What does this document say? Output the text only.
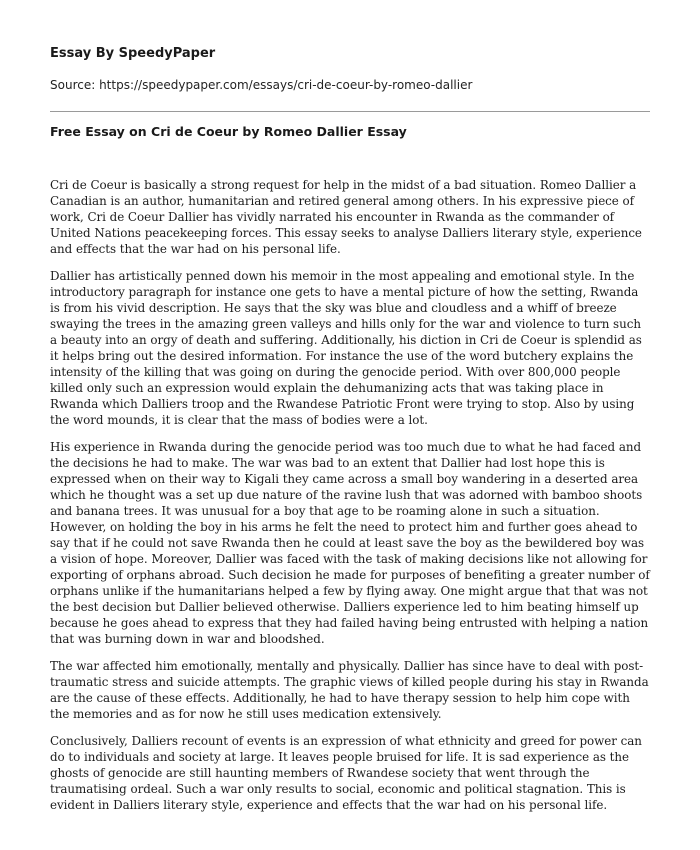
Essay By SpeedyPaper
Source: https://speedypaper.com/essays/cri-de-coeur-by-romeo-dallier
Free Essay on Cri de Coeur by Romeo Dallier Essay

Cri de Coeur is basically a strong request for help in the midst of a bad situation. Romeo Dallier a Canadian is an author, humanitarian and retired general among others. In his expressive piece of work, Cri de Coeur Dallier has vividly narrated his encounter in Rwanda as the commander of United Nations peacekeeping forces. This essay seeks to analyse Dalliers literary style, experience and effects that the war had on his personal life.

Dallier has artistically penned down his memoir in the most appealing and emotional style. In the introductory paragraph for instance one gets to have a mental picture of how the setting, Rwanda is from his vivid description. He says that the sky was blue and cloudless and a whiff of breeze swaying the trees in the amazing green valleys and hills only for the war and violence to turn such a beauty into an orgy of death and suffering. Additionally, his diction in Cri de Coeur is splendid as it helps bring out the desired information. For instance the use of the word butchery explains the intensity of the killing that was going on during the genocide period. With over 800,000 people killed only such an expression would explain the dehumanizing acts that was taking place in Rwanda which Dalliers troop and the Rwandese Patriotic Front were trying to stop. Also by using the word mounds, it is clear that the mass of bodies were a lot.

His experience in Rwanda during the genocide period was too much due to what he had faced and the decisions he had to make. The war was bad to an extent that Dallier had lost hope this is expressed when on their way to Kigali they came across a small boy wandering in a deserted area which he thought was a set up due nature of the ravine lush that was adorned with bamboo shoots and banana trees. It was unusual for a boy that age to be roaming alone in such a situation. However, on holding the boy in his arms he felt the need to protect him and further goes ahead to say that if he could not save Rwanda then he could at least save the boy as the bewildered boy was a vision of hope. Moreover, Dallier was faced with the task of making decisions like not allowing for exporting of orphans abroad. Such decision he made for purposes of benefiting a greater number of orphans unlike if the humanitarians helped a few by flying away. One might argue that that was not the best decision but Dallier believed otherwise. Dalliers experience led to him beating himself up because he goes ahead to express that they had failed having being entrusted with helping a nation that was burning down in war and bloodshed.

The war affected him emotionally, mentally and physically. Dallier has since have to deal with post-traumatic stress and suicide attempts. The graphic views of killed people during his stay in Rwanda are the cause of these effects. Additionally, he had to have therapy session to help him cope with the memories and as for now he still uses medication extensively.

Conclusively, Dalliers recount of events is an expression of what ethnicity and greed for power can do to individuals and society at large. It leaves people bruised for life. It is sad experience as the ghosts of genocide are still haunting members of Rwandese society that went through the traumatising ordeal. Such a war only results to social, economic and political stagnation. This is evident in Dalliers literary style, experience and effects that the war had on his personal life.
